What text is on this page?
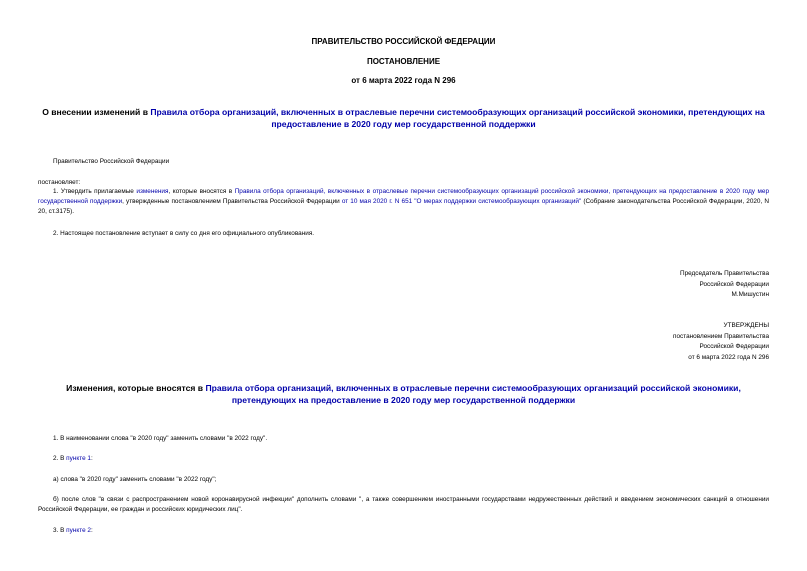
ПРАВИТЕЛЬСТВО РОССИЙСКОЙ ФЕДЕРАЦИИ
ПОСТАНОВЛЕНИЕ
от 6 марта 2022 года N 296
О внесении изменений в Правила отбора организаций, включенных в отраслевые перечни системообразующих организаций российской экономики, претендующих на предоставление в 2020 году мер государственной поддержки
Правительство Российской Федерации
постановляет:
1. Утвердить прилагаемые изменения, которые вносятся в Правила отбора организаций, включенных в отраслевые перечни системообразующих организаций российской экономики, претендующих на предоставление в 2020 году мер государственной поддержки, утвержденные постановлением Правительства Российской Федерации от 10 мая 2020 г. N 651 "О мерах поддержки системообразующих организаций" (Собрание законодательства Российской Федерации, 2020, N 20, ст.3175).
2. Настоящее постановление вступает в силу со дня его официального опубликования.
Председатель Правительства
Российской Федерации
М.Мишустин
УТВЕРЖДЕНЫ
постановлением Правительства
Российской Федерации
от 6 марта 2022 года N 296
Изменения, которые вносятся в Правила отбора организаций, включенных в отраслевые перечни системообразующих организаций российской экономики, претендующих на предоставление в 2020 году мер государственной поддержки
1. В наименовании слова "в 2020 году" заменить словами "в 2022 году".
2. В пункте 1:
а) слова "в 2020 году" заменить словами "в 2022 году";
б) после слов "в связи с распространением новой коронавирусной инфекции" дополнить словами ", а также совершением иностранными государствами недружественных действий и введением экономических санкций в отношении Российской Федерации, ее граждан и российских юридических лиц".
3. В пункте 2:
